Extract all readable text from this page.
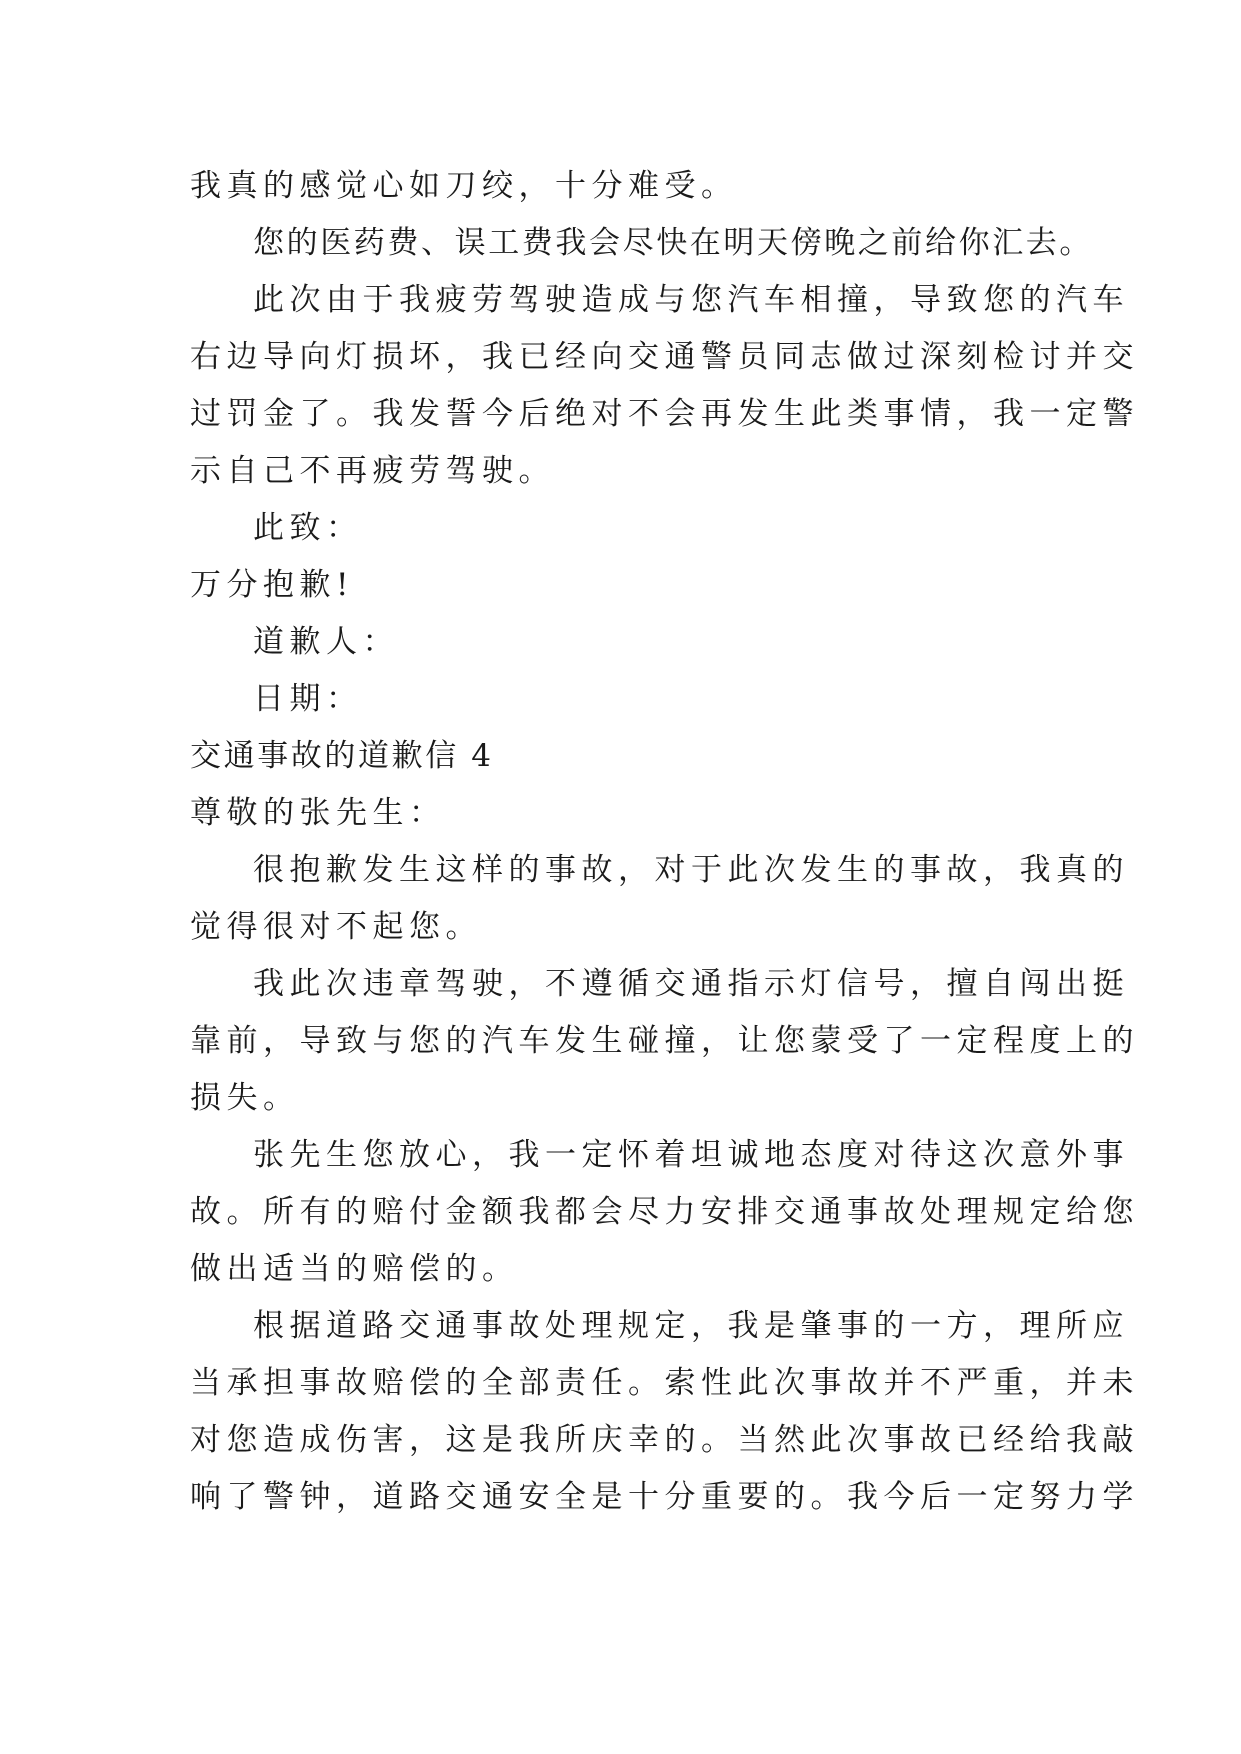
我真的感觉心如刀绞，十分难受。
您的医药费、误工费我会尽快在明天傍晚之前给你汇去。
此次由于我疲劳驾驶造成与您汽车相撞，导致您的汽车
右边导向灯损坏，我已经向交通警员同志做过深刻检讨并交
过罚金了。我发誓今后绝对不会再发生此类事情，我一定警
示自己不再疲劳驾驶。
此致：
万分抱歉!
道歉人：
日期：
交通事故的道歉信 4
尊敬的张先生：
很抱歉发生这样的事故，对于此次发生的事故，我真的
觉得很对不起您。
我此次违章驾驶，不遵循交通指示灯信号，擅自闯出挺
靠前，导致与您的汽车发生碰撞，让您蒙受了一定程度上的
损失。
张先生您放心，我一定怀着坦诚地态度对待这次意外事
故。所有的赔付金额我都会尽力安排交通事故处理规定给您
做出适当的赔偿的。
根据道路交通事故处理规定，我是肇事的一方，理所应
当承担事故赔偿的全部责任。索性此次事故并不严重，并未
对您造成伤害，这是我所庆幸的。当然此次事故已经给我敲
响了警钟，道路交通安全是十分重要的。我今后一定努力学
